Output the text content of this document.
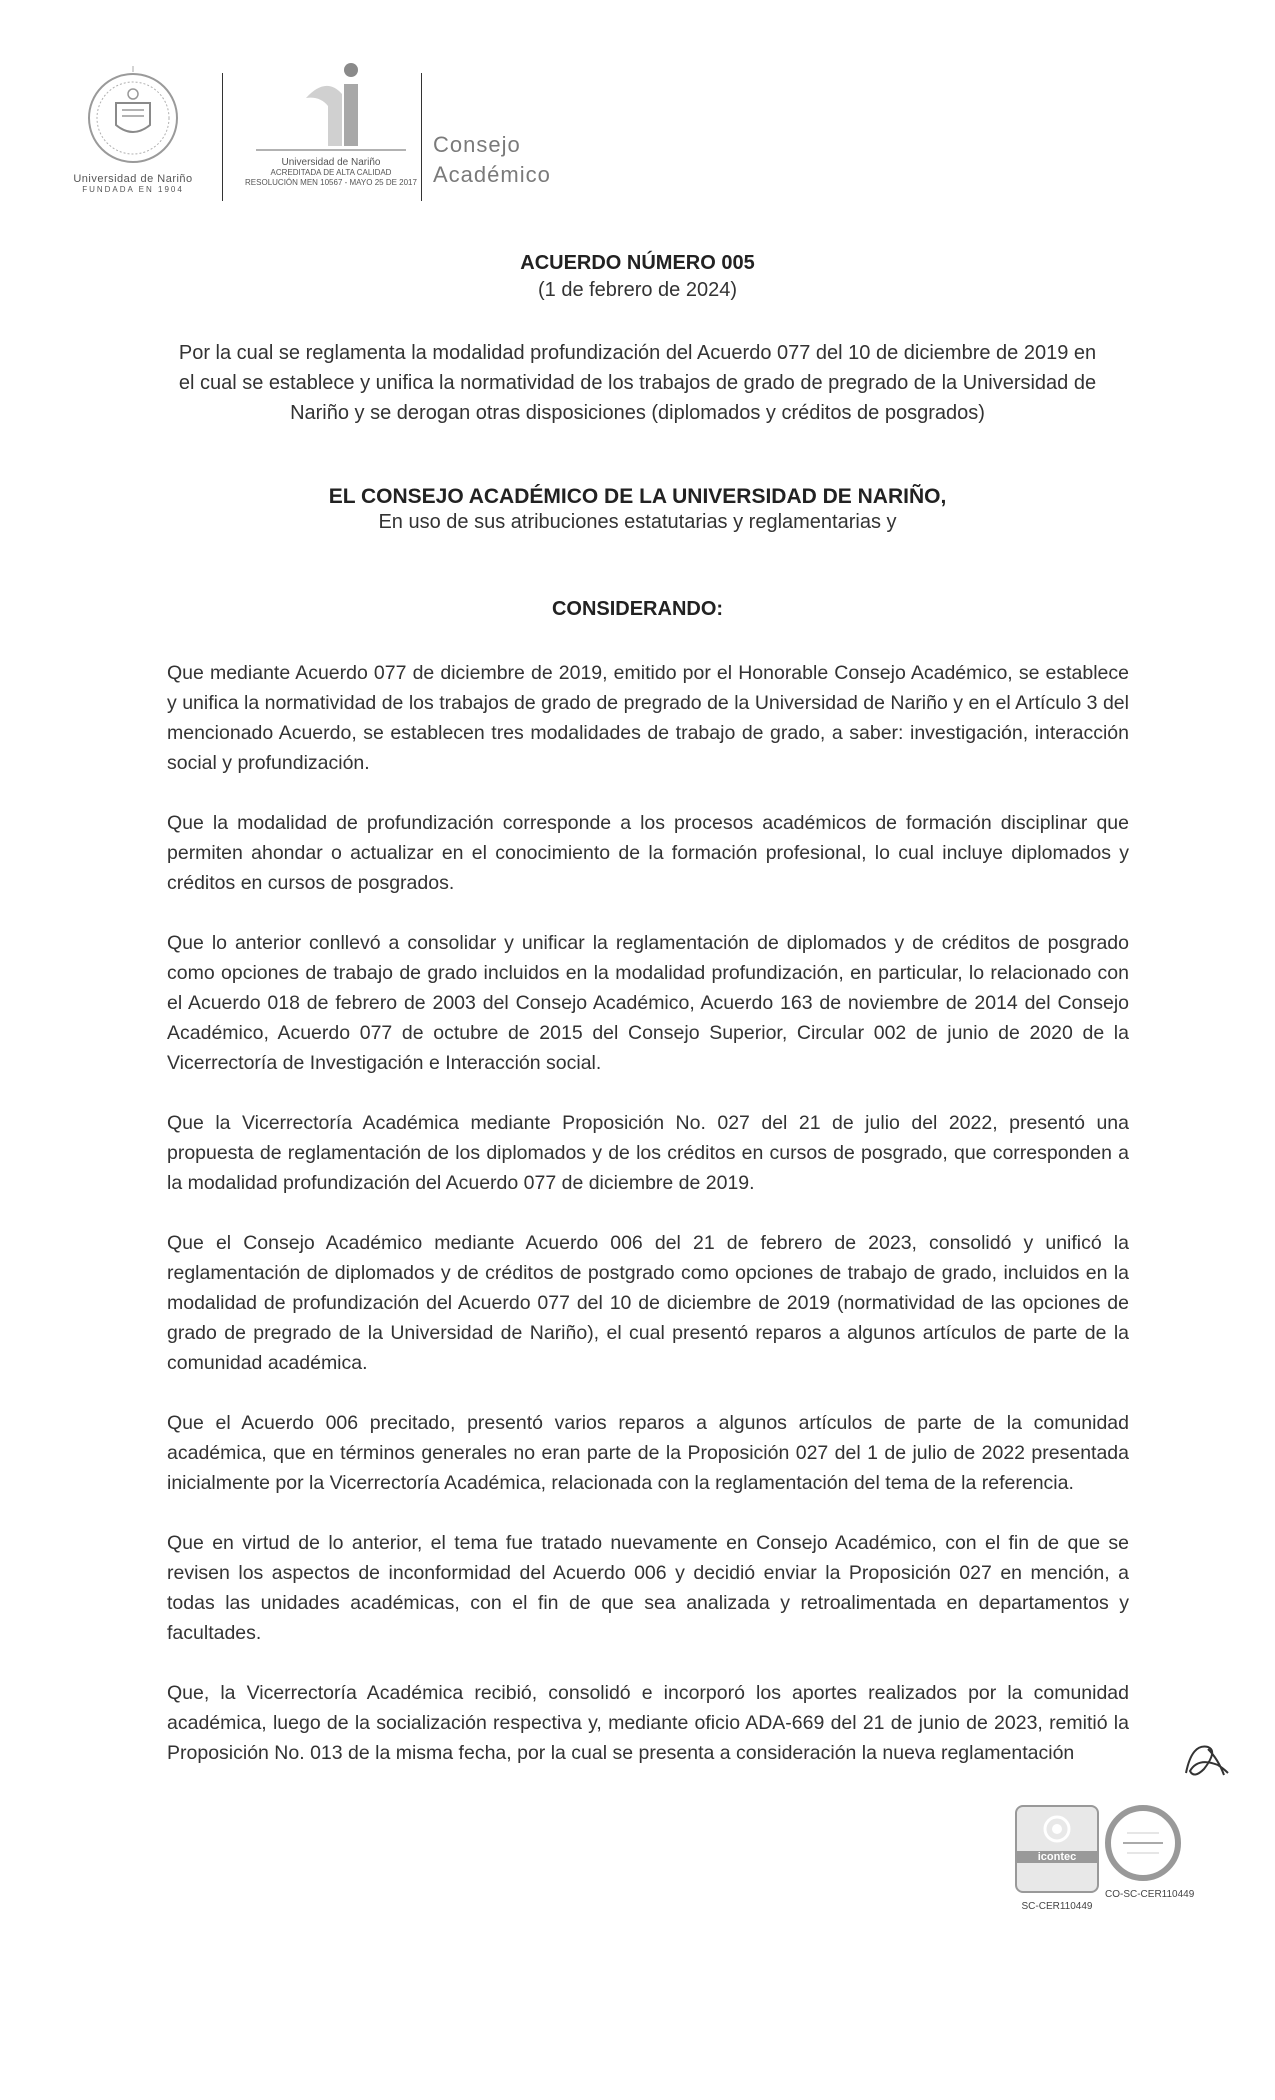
Universidad de Nariño
FUNDADA EN 1904
Universidad de Nariño
ACREDITADA DE ALTA CALIDAD
RESOLUCIÓN MEN 10567 - MAYO 25 DE 2017
Consejo
Académico
ACUERDO NÚMERO 005
(1 de febrero de 2024)
Por la cual se reglamenta la modalidad profundización del Acuerdo 077 del 10 de diciembre de 2019 en el cual se establece y unifica la normatividad de los trabajos de grado de pregrado de la Universidad de Nariño y se derogan otras disposiciones (diplomados y créditos de posgrados)
EL CONSEJO ACADÉMICO DE LA UNIVERSIDAD DE NARIÑO,
En uso de sus atribuciones estatutarias y reglamentarias y
CONSIDERANDO:

Que mediante Acuerdo 077 de diciembre de 2019, emitido por el Honorable Consejo Académico, se establece y unifica la normatividad de los trabajos de grado de pregrado de la Universidad de Nariño y en el Artículo 3 del mencionado Acuerdo, se establecen tres modalidades de trabajo de grado, a saber: investigación, interacción social y profundización.

Que la modalidad de profundización corresponde a los procesos académicos de formación disciplinar que permiten ahondar o actualizar en el conocimiento de la formación profesional, lo cual incluye diplomados y créditos en cursos de posgrados.

Que lo anterior conllevó a consolidar y unificar la reglamentación de diplomados y de créditos de posgrado como opciones de trabajo de grado incluidos en la modalidad profundización, en particular, lo relacionado con el Acuerdo 018 de febrero de 2003 del Consejo Académico, Acuerdo 163 de noviembre de 2014 del Consejo Académico, Acuerdo 077 de octubre de 2015 del Consejo Superior, Circular 002 de junio de 2020 de la Vicerrectoría de Investigación e Interacción social.

Que la Vicerrectoría Académica mediante Proposición No. 027 del 21 de julio del 2022, presentó una propuesta de reglamentación de los diplomados y de los créditos en cursos de posgrado, que corresponden a la modalidad profundización del Acuerdo 077 de diciembre de 2019.

Que el Consejo Académico mediante Acuerdo 006 del 21 de febrero de 2023, consolidó y unificó la reglamentación de diplomados y de créditos de postgrado como opciones de trabajo de grado, incluidos en la modalidad de profundización del Acuerdo 077 del 10 de diciembre de 2019 (normatividad de las opciones de grado de pregrado de la Universidad de Nariño), el cual presentó reparos a algunos artículos de parte de la comunidad académica.

Que el Acuerdo 006 precitado, presentó varios reparos a algunos artículos de parte de la comunidad académica, que en términos generales no eran parte de la Proposición 027 del 1 de julio de 2022 presentada inicialmente por la Vicerrectoría Académica, relacionada con la reglamentación del tema de la referencia.

Que en virtud de lo anterior, el tema fue tratado nuevamente en Consejo Académico, con el fin de que se revisen los aspectos de inconformidad del Acuerdo 006 y decidió enviar la Proposición 027 en mención, a todas las unidades académicas, con el fin de que sea analizada y retroalimentada en departamentos y facultades.

Que, la Vicerrectoría Académica recibió, consolidó e incorporó los aportes realizados por la comunidad académica, luego de la socialización respectiva y, mediante oficio ADA-669 del 21 de junio de 2023, remitió la Proposición No. 013 de la misma fecha, por la cual se presenta a consideración la nueva reglamentación

icontec
SC-CER110449
CO-SC-CER110449
